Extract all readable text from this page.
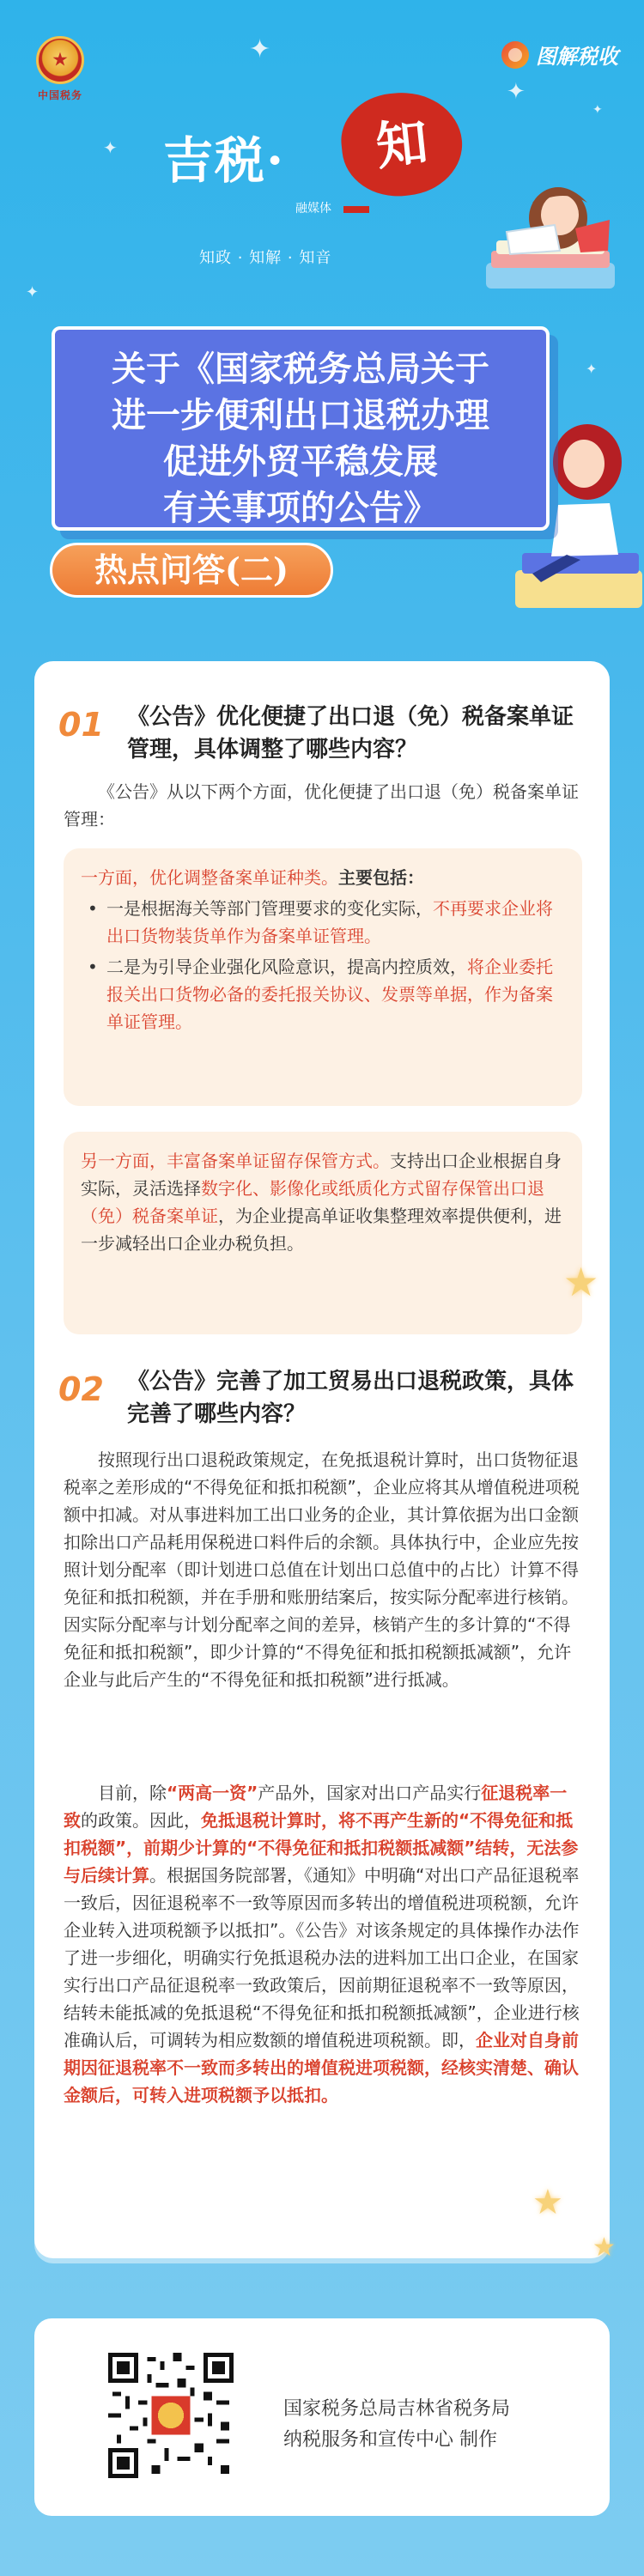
✦
✦
✦
✦
✦
✦
★
中国税务
图解税收
知
吉税·
融媒体
知政 · 知解 · 知音
关于《国家税务总局关于
进一步便利出口退税办理
促进外贸平稳发展
有关事项的公告》
热点问答(二)
01	《公告》优化便捷了出口退（免）税备案单证管理，具体调整了哪些内容？
《公告》从以下两个方面，优化便捷了出口退（免）税备案单证管理：
一方面，优化调整备案单证种类。主要包括：
• 一是根据海关等部门管理要求的变化实际，不再要求企业将出口货物装货单作为备案单证管理。
• 二是为引导企业强化风险意识，提高内控质效，将企业委托报关出口货物必备的委托报关协议、发票等单据，作为备案单证管理。
另一方面，丰富备案单证留存保管方式。支持出口企业根据自身实际，灵活选择数字化、影像化或纸质化方式留存保管出口退（免）税备案单证，为企业提高单证收集整理效率提供便利，进一步减轻出口企业办税负担。
★
02	《公告》完善了加工贸易出口退税政策，具体完善了哪些内容？
按照现行出口退税政策规定，在免抵退税计算时，出口货物征退税率之差形成的“不得免征和抵扣税额”，企业应将其从增值税进项税额中扣减。对从事进料加工出口业务的企业，其计算依据为出口金额扣除出口产品耗用保税进口料件后的余额。具体执行中，企业应先按照计划分配率（即计划进口总值在计划出口总值中的占比）计算不得免征和抵扣税额，并在手册和账册结案后，按实际分配率进行核销。因实际分配率与计划分配率之间的差异，核销产生的多计算的“不得免征和抵扣税额”，即少计算的“不得免征和抵扣税额抵减额”，允许企业与此后产生的“不得免征和抵扣税额”进行抵减。
目前，除“两高一资”产品外，国家对出口产品实行征退税率一致的政策。因此，免抵退税计算时，将不再产生新的“不得免征和抵扣税额”，前期少计算的“不得免征和抵扣税额抵减额”结转，无法参与后续计算。根据国务院部署，《通知》中明确“对出口产品征退税率一致后，因征退税率不一致等原因而多转出的增值税进项税额，允许企业转入进项税额予以抵扣”。《公告》对该条规定的具体操作办法作了进一步细化，明确实行免抵退税办法的进料加工出口企业，在国家实行出口产品征退税率一致政策后，因前期征退税率不一致等原因，结转未能抵减的免抵退税“不得免征和抵扣税额抵减额”，企业进行核准确认后，可调转为相应数额的增值税进项税额。即，企业对自身前期因征退税率不一致而多转出的增值税进项税额，经核实清楚、确认金额后，可转入进项税额予以抵扣。
★
★
国家税务总局吉林省税务局
纳税服务和宣传中心 制作
